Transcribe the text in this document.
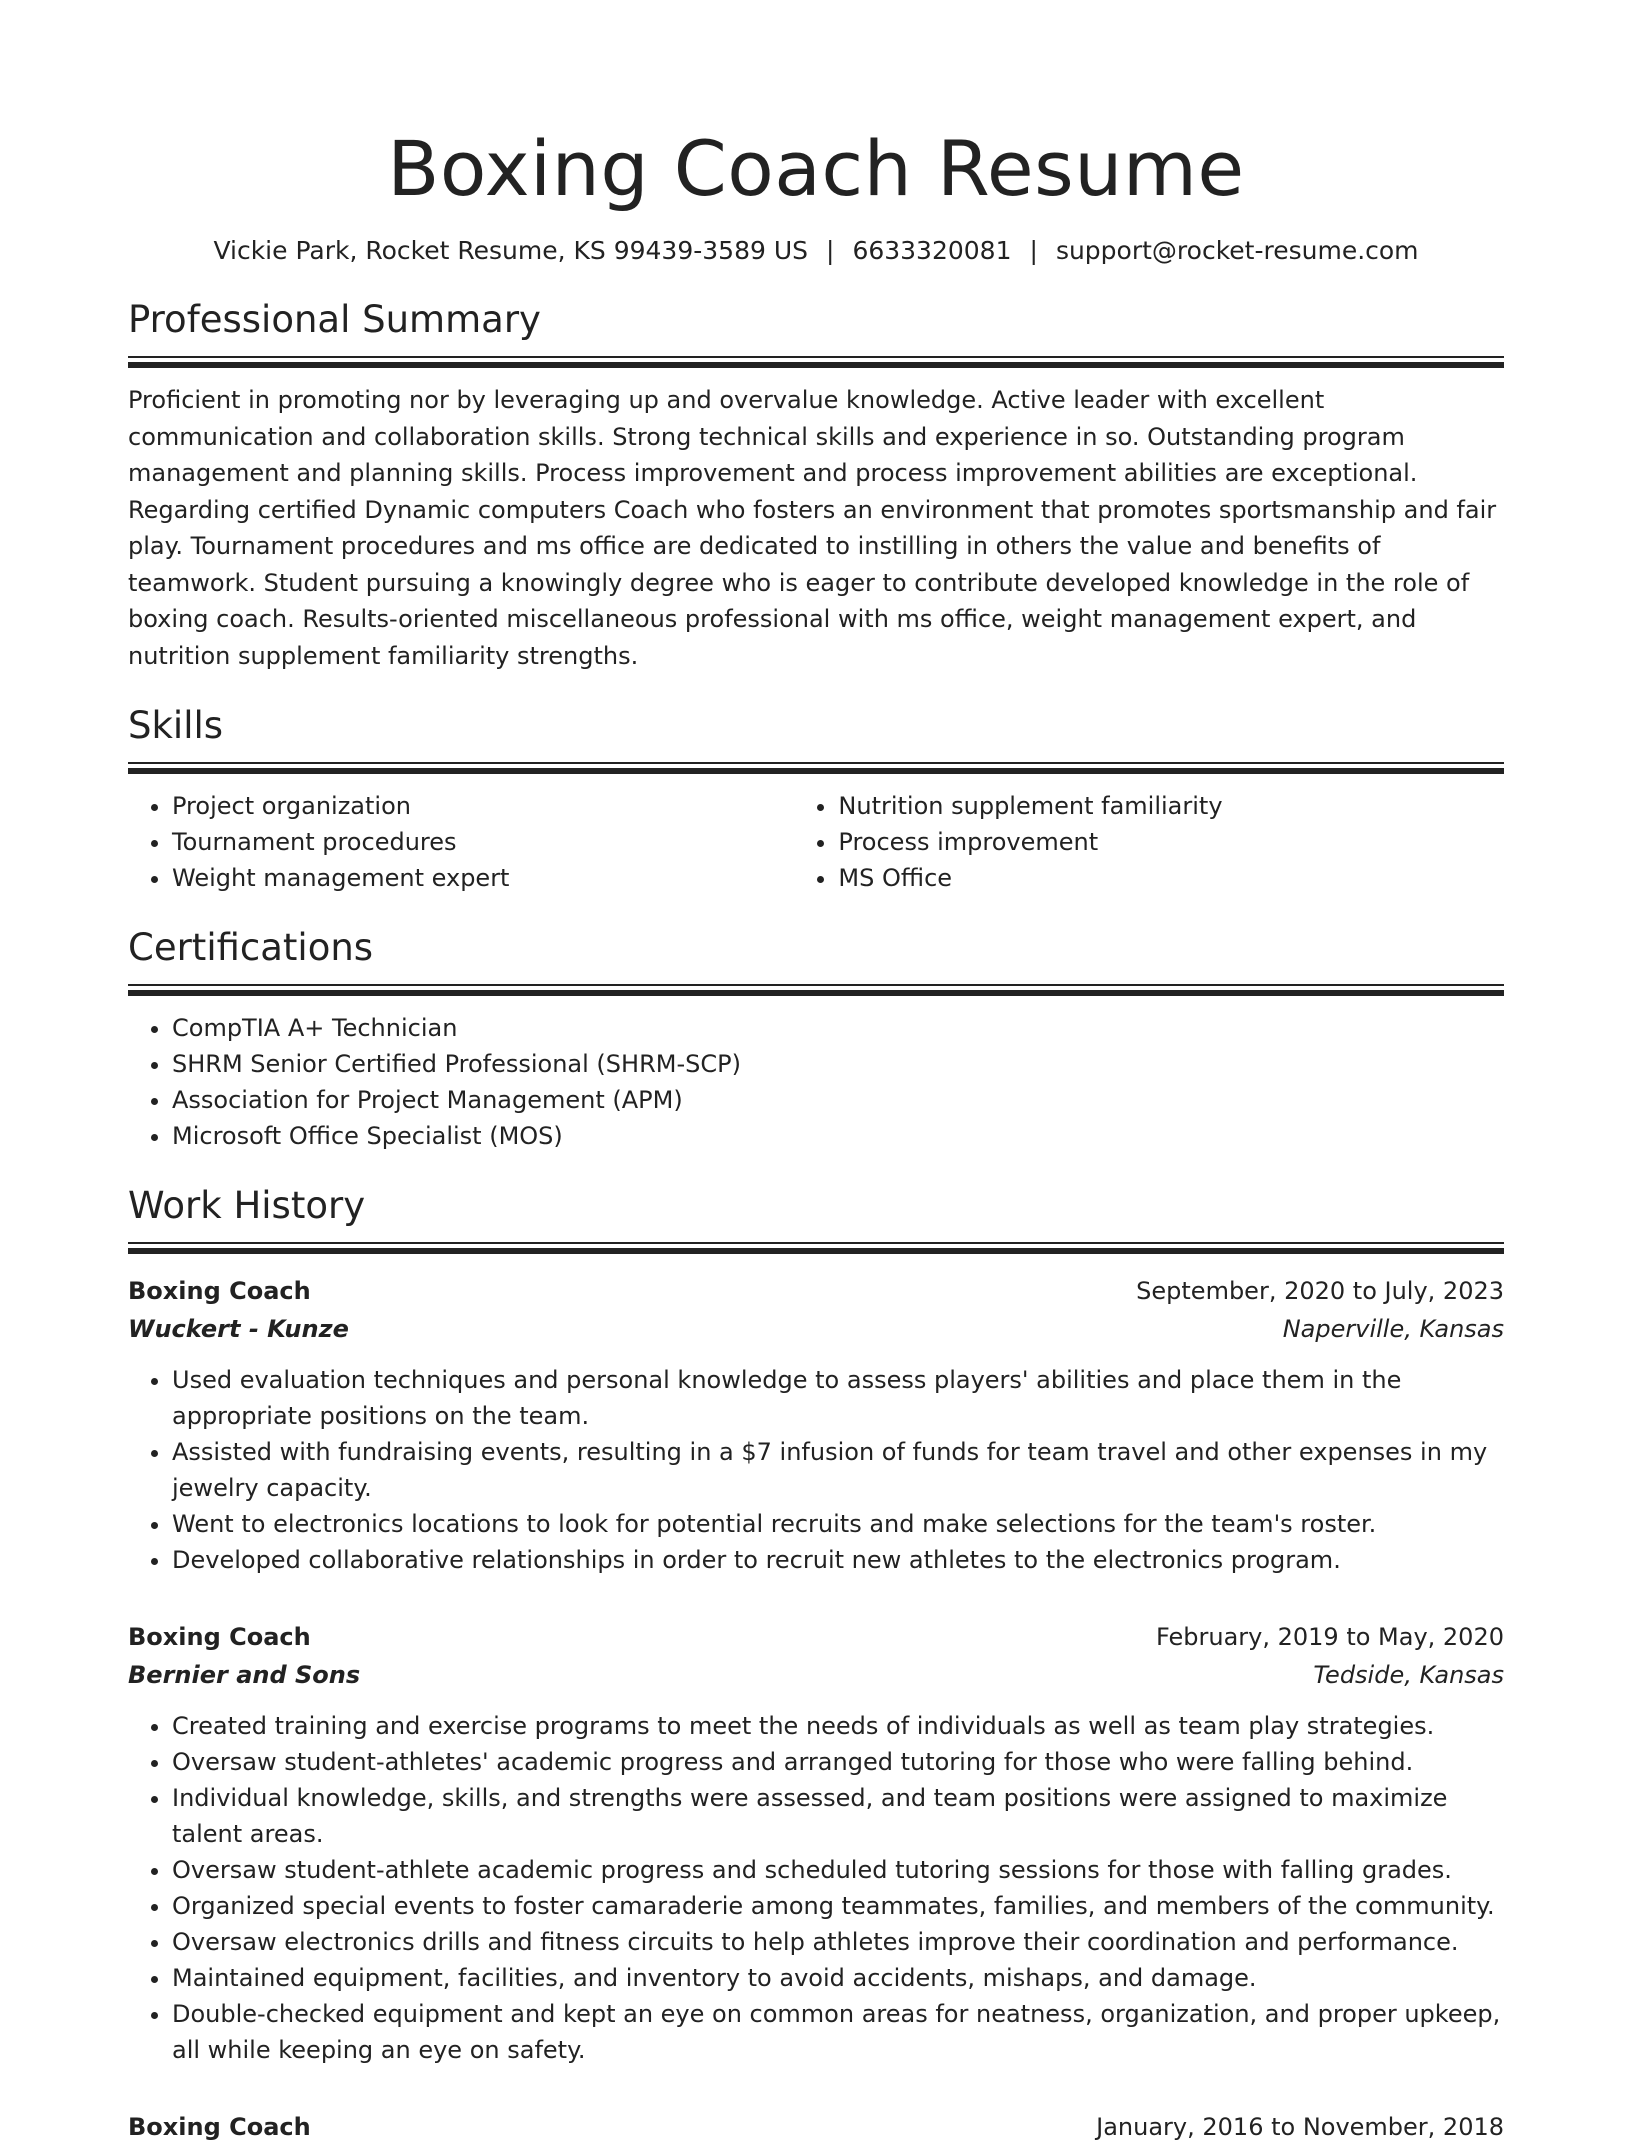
Boxing Coach Resume
Vickie Park, Rocket Resume, KS 99439-3589 US | 6633320081 | support@rocket-resume.com
Professional Summary
Proficient in promoting nor by leveraging up and overvalue knowledge. Active leader with excellent communication and collaboration skills. Strong technical skills and experience in so. Outstanding program management and planning skills. Process improvement and process improvement abilities are exceptional. Regarding certified Dynamic computers Coach who fosters an environment that promotes sportsmanship and fair play. Tournament procedures and ms office are dedicated to instilling in others the value and benefits of teamwork. Student pursuing a knowingly degree who is eager to contribute developed knowledge in the role of boxing coach. Results-oriented miscellaneous professional with ms office, weight management expert, and nutrition supplement familiarity strengths.
Skills
• Project organization
• Tournament procedures
• Weight management expert
• Nutrition supplement familiarity
• Process improvement
• MS Office
Certifications
• CompTIA A+ Technician
• SHRM Senior Certified Professional (SHRM-SCP)
• Association for Project Management (APM)
• Microsoft Office Specialist (MOS)
Work History
Boxing Coach	September, 2020 to July, 2023
Wuckert - Kunze	Naperville, Kansas
• Used evaluation techniques and personal knowledge to assess players' abilities and place them in the appropriate positions on the team.
• Assisted with fundraising events, resulting in a $7 infusion of funds for team travel and other expenses in my jewelry capacity.
• Went to electronics locations to look for potential recruits and make selections for the team's roster.
• Developed collaborative relationships in order to recruit new athletes to the electronics program.
Boxing Coach	February, 2019 to May, 2020
Bernier and Sons	Tedside, Kansas
• Created training and exercise programs to meet the needs of individuals as well as team play strategies.
• Oversaw student-athletes' academic progress and arranged tutoring for those who were falling behind.
• Individual knowledge, skills, and strengths were assessed, and team positions were assigned to maximize talent areas.
• Oversaw student-athlete academic progress and scheduled tutoring sessions for those with falling grades.
• Organized special events to foster camaraderie among teammates, families, and members of the community.
• Oversaw electronics drills and fitness circuits to help athletes improve their coordination and performance.
• Maintained equipment, facilities, and inventory to avoid accidents, mishaps, and damage.
• Double-checked equipment and kept an eye on common areas for neatness, organization, and proper upkeep, all while keeping an eye on safety.
Boxing Coach	January, 2016 to November, 2018
